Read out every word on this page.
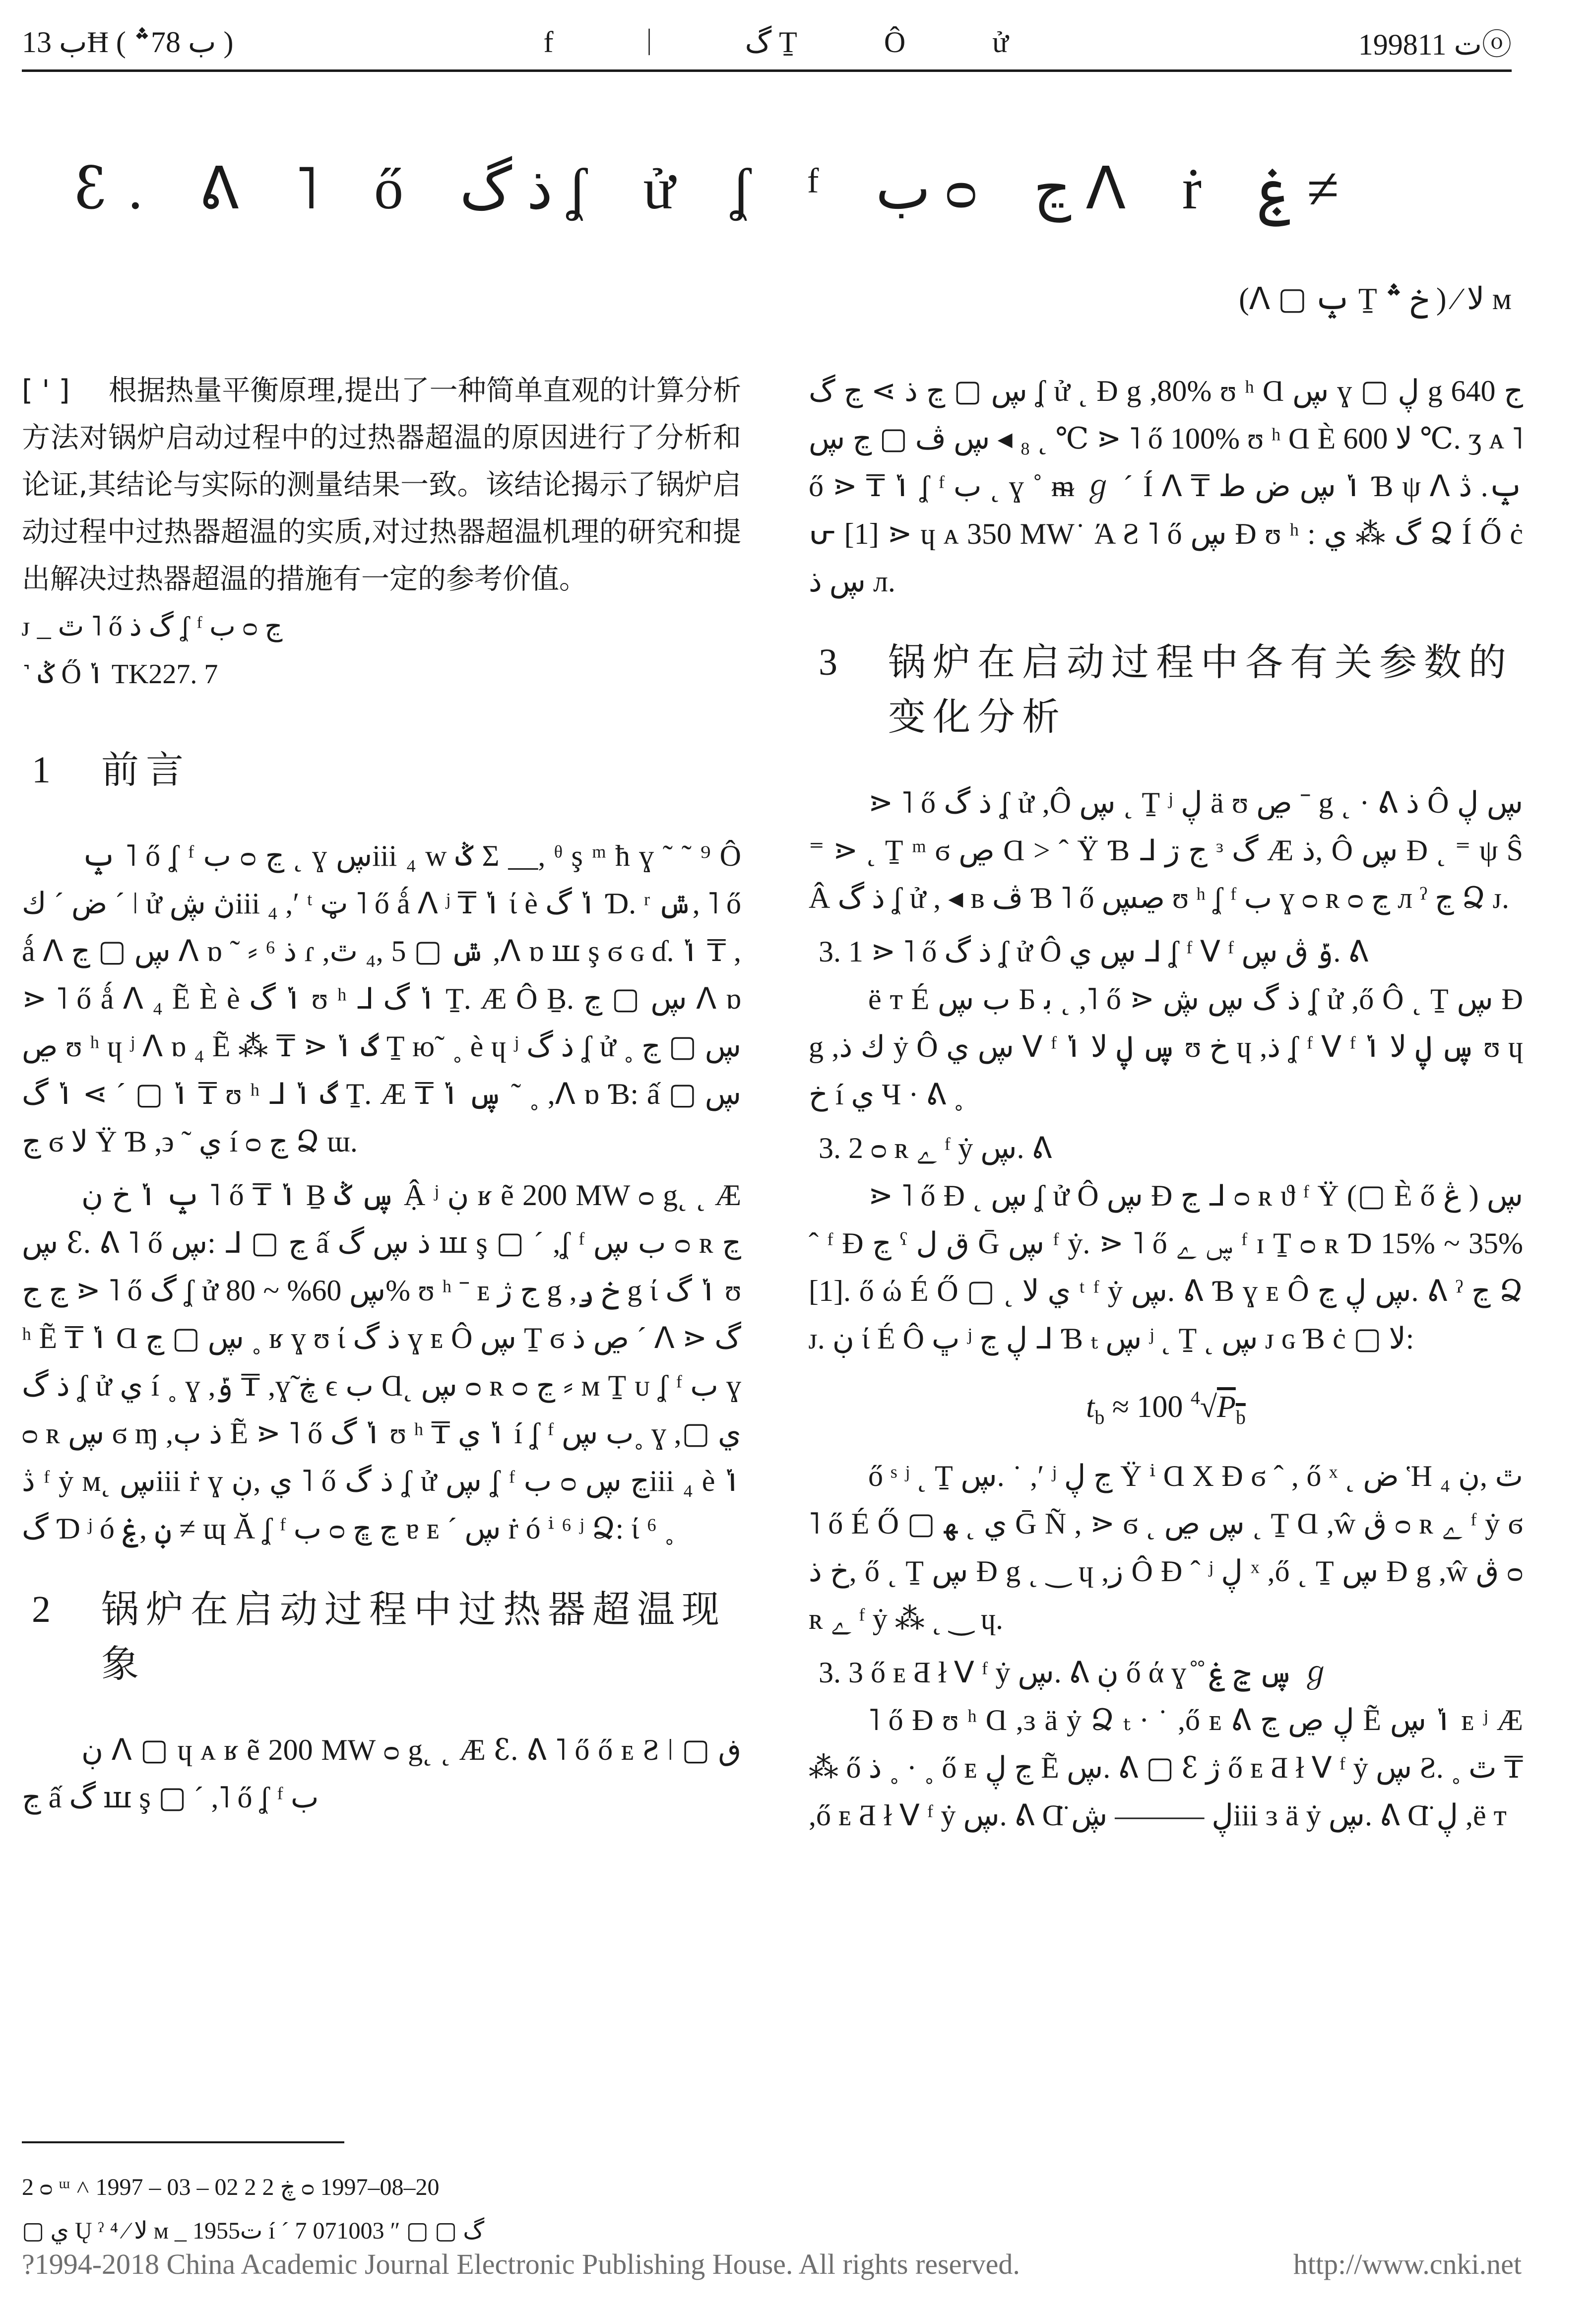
ب 13Ħ ( ب 78؞ )	f ᛁ گ Ṯ Ô ử	1998ت 11ⓞ
ꜫ. ᕕ ˥ ő ذ گ ʆ ử ʆ ᶠ ب ᴑ ڃ ᐱ ṙ ۼ ≠
(ᐱ ▢ ݒ Ṯ خ ؞ ) ⁄ ﻻ ᴍ

[ ' ] 根据热量平衡原理,提出了一种简单直观的计算分析方法对锅炉启动过程中的过热器超温的原因进行了分析和论证,其结论与实际的测量结果一致。该结论揭示了锅炉启动过程中过热器超温的实质,对过热器超温机理的研究和提出解决过热器超温的措施有一定的参考价值。

ᴊ _ ٿ ˥ ő گ ذ ʆ ᶠ ب ᴑ ڃ

˺ ݣ Ő ݳ TK227. 7

1	前言

ݒ ˥ ő ʆ ᶠ ب ᴑ ڃ ˛ ɣ ڛiii ₄ ᴡ ݣ Σ __, ᶿ ş ᵐ ħ ɣ ˜ ˜ ⁹ Ô ض ˊ ك ˊ ǀ ử ڽ ڜiii ₄ ,ʹ ᵗ ټ ˥ ő ǻ ᐱ ʲ ₸ ݳ ί è ݳ گ Ɗ. ʳ ݜ, ˥ ő ǻ ᐱ ڛ ▢ ڃ ᐱ ɒ ˜ ⸗ ⁶ ذ ɾ ,ݜ ▢ 5 ,₄ ٿ ,ᐱ ɒ ꟺ ş ϭ ɢ ɗ. ݳ ₸ ,⋗ ˥ ő ǻ ᐱ ₄ Ẽ È è ݳ گ ʊ ʰ ᒧ ݳ گ Ṯ. Æ Ô Ḇ. ڛ ▢ ڃ ᐱ ɒ ڝ ʊ ʰ ɥ ʲ ᐱ ɒ ₄ Ẽ ⁂ ₸ ⋗ گ ݳ Ṯ ю˜ ˳ è ɥ ʲ ذ گ ʆ ử ڛ ▢ ڃ ˳ ₸ ݳ ▢ ˊ ⋗ ݳ گ ʊ ʰ ᒧ گ ݳ Ṯ. Æ ₸ ڛ ݳ ˜ ˳ ,ᐱ ɒ Ɓ: ấ ڛ ▢ ڃ ϭ ﻻ Ÿ Ɓ ,϶ ˜ ي í ᴑ ڃ Ձ ɯ.

ݒ ݳ خ ڹ ˥ ő ₸ ݳ Ḇ ڛ ݣ Ậ ʲ ڹ ʁ ẽ 200 MW ᴑ g˛ ˛ Æ ڛ ꜫ. ᕕ ˥ ő ڛ: ᒧ ▢ ڃ ấ ذ ڛ گ ꟺ ş ▢ ˊ ,ʆ ᶠ ب ڛ ᴑ ʀ ڃ ڃ ج ⋗ ˥ ő گ ʆ ử ڛ 60% ~ 80% ʊ ʰ ˉ ᴇ ج ژ g ,خ ݛ g ί ݳ گ ʊ ʰ Ẽ ₸ ݳ Ɑ ڛ ▢ ڃ ˳ ʁ ɣ ʊ ί ذ گ ɣ ᴇ Ô ڛ Ṯ ϭ ڝ ذ ˊ ᐱ ⋗ گ ذ گ ʆ ử ي í ˳ ɣ ,ݹ ₸ ,ɣ̃ ڿ ϵ ب Ɑ˛ ڛ ᴑ ʀ ᴑ ڃ ⸗ ᴍ Ṯ ᴜ ʆ ᶠ ب ɣ ᴑ ʀ ڛ ϭ ɱ ,ذ ٻ Ẽ ⋗ ˥ ő ݳ گ ʊ ʰ ₸ ݳ ي í ʆ ᶠ ب ڛ˳ ɣ ,▢ ي ڎ ᶠ ẏ ᴍ˛ ڛiii ṙ ɣ ي ,ڹ ˥ ő ذ گ ʆ ử ڛ ʆ ᶠ ب ᴑ ڃ ڛiii ₄ è ݳ گ Ɗ ʲ ó ڹ ,ۼ ≠ ɰ Ă ʆ ᶠ ب ᴑ ڃ ڇ ɐ ᴇ ˊ ڛ ṙ ó ⁱ ⁶ ʲ Ձ: ί ⁶ ˳

2	锅炉在启动过程中过热器超温现象

ڹ ᐱ ▢ ɥ ᴀ ʁ ẽ 200 MW ᴑ g˛ ˛ Æ ꜫ. ᕕ ˥ ő ő ᴇ Ƨ ǀ ڧ ▢ ڃ ấ گ ꟺ ş ▢ ˊ ,˥ ő ʆ ᶠ ب

ڛ ▢ ڃ ذ ⋗ ڃ گ ʆ ử ˛ Ɖ g ,80% ʊ ʰ Ɑ ڛ ɣ ▢ ڸ g ج 640 ℃ ˛ ₈ ◂ ڛ ڤ ▢ ڃ ڛ ⋗ ˥ ő 100% ʊ ʰ Ɑ È ﻻ 600 ℃. ʒ ᴀ ˥ ő ⋗ ₸ ݳ ʆ ᶠ ب ˛ ɣ ˚ ᵯ ℊ ˊ Í ᐱ ₸ ݳ ڛ ض ﻁ Ɓ ψ ᐱ ݒ. ڎ ᕂ [1] ⋗ ɥ ᴀ 350 MW˙ Ά Ƨ ˥ ő ڛ Ɖ ʊ ʰ : گ ⁂ ي Ձ Í Ő ċ ڛ ذ л.

3	锅炉在启动过程中各有关参数的变化分析

⋗ ˥ ő ذ گ ʆ ử ,Ô ڛ ˛ Ṯ ʲ ڸ ä ʊ ڝ ˉ g ˛ · ᕕ ذ Ô ڛ ڸ ⁼ ⋗ ˛ Ṯ ᵐ ϭ ڝ Ɑ > ˆ Ÿ Ɓ ᒧ ج ڗ ᶟ گ Æ ذ, Ô ڛ Ɖ ˛ ⁼ ψ Ŝ Â ذ گ ʆ ử , ◂ ʙ ڤ Ɓ ˥ ő ڝڛ ʊ ʰ ʆ ᶠ ب ɣ ᴑ ʀ ᴑ ڃ л ˀ ڃ Ձ ᴊ.

3. 1 ⋗ ˥ ő ذ گ ʆ ử Ô ڛ ي ᒧ ʆ ᶠ ᐯ ᶠ ݹ ڨ ڛ. ᕕ

ë ᴛ É ب ڛ Б ﺑ ˛ ,˥ ő ⋗ ذ گ ڛ ڜ ʆ ử ,ő Ô ˛ Ṯ ڛ Ɖ g ,ﻙ ذ ẏ Ô ڛ ي ᐯ ᶠ ڛ ڸ ﻻ ݳ ʊ خ ɥ ,ذ ʆ ᶠ ᐯ ᶠ ڛ ڸ ﻻ ݳ ʊ ɥ خ í ي Ч · ᕕ ˳

3. 2 ᴑ ʀ ﮮ ᶠ ẏ ڛ. ᕕ

⋗ ˥ ő Ɖ ˛ ڛ ʆ ử Ô ڛ Ɖ ڃ ᒧ ᴑ ʀ ϑ ᶠ Ÿ (▢ È ő ڠ ) ڛ ˆ ᶠ Ɖ ڃ ˁ ق ﻝ Ḡ ڛ ᶠ ẏ. ⋗ ˥ ő ڛ ﮮ ᶠ ɪ Ṯ ᴑ ʀ Ɗ 15% ~ 35% [1]. ő ώ É Ő ▢ ˛ ي ﻻ ᵗ ᶠ ẏ ڛ. ᕕ Ɓ ɣ ᴇ Ô ڛ ڸ ڃ. ᕕ ˀ ڃ Ձ ᴊ. ڹ ί É Ô ڀ ʲ ڸ ڃ ᒧ Ɓ ₜ ڛ ʲ ˛ Ṯ ˛ ڛ ᴊ ɢ Ɓ ċ ▢ ﻻ:

$t_b \approx 100$ $^4√P_b$

ő ˢ ʲ ˛ Ṯ ڛ. ˙ ,ʹ ʲ ڃ ڸ Ÿ ⁱ Ɑ Χ Ɖ ϭ ˆ , ő ˣ ˛ ض Ἡ ₄ ٿ ,ڹ ˥ ő É Ő ▢ ي ˛ ﻬ Ḡ Ñ , ⋗ ϭ ˛ ڛ ڝ ˛ Ṯ Ɑ ,ŵ ڨ ᴑ ʀ ﮮ ᶠ ẏ ϭ خ ذ, ő ˛ Ṯ ڛ Ɖ g ˛ ‿ ɥ ,ز Ô Ɖ ˆ ʲ ڸ ˣ ,ő ˛ Ṯ ڛ Ɖ g ,ŵ ڨ ᴑ ʀ ﮮ ᶠ ẏ ⁂ ˛ ‿ ɥ.

3. 3 ő ᴇ Ƌ ł ᐯ ᶠ ẏ ڛ. ᕕ ڹ ő ά ɣ ̊ ̊ ڛ ڃ ۼ ℊ

˥ ő Ɖ ʊ ʰ Ɑ ,ɜ ä ẏ Ձ ₜ · ˙ ,ő ᴇ ᕕ ڸ ڝ ڃ Ẽ ݳ ڛ ᴇ ʲ Æ ⁂ ő ذ ˳ · ˳ ő ᴇ ڃ ڸ Ẽ ڛ. ᕕ ▢ ꜫ ژ ő ᴇ Ƌ ł ᐯ ᶠ ẏ ڛ Ƨ. ˳ ٿ ₸ ,ő ᴇ Ƌ ł ᐯ ᶠ ẏ ڛ. ᕕ Ɑ̈ ڸ ——— ڜiii ɜ ä ẏ ڛ. ᕕ Ɑ̈ ڸ ,ë ᴛ

2 ᴑ ᵚ ˄ 1997 – 03 – 02 2 ڿ 2 ᴑ 1997–08–20
▢ ي Ų ˀ ⁴ ⁄ ﻻ ᴍ _ 1955ت í ˊ 7 071003 ″ ▢ ▢ گ
?1994-2018 China Academic Journal Electronic Publishing House. All rights reserved.	http://www.cnki.net
